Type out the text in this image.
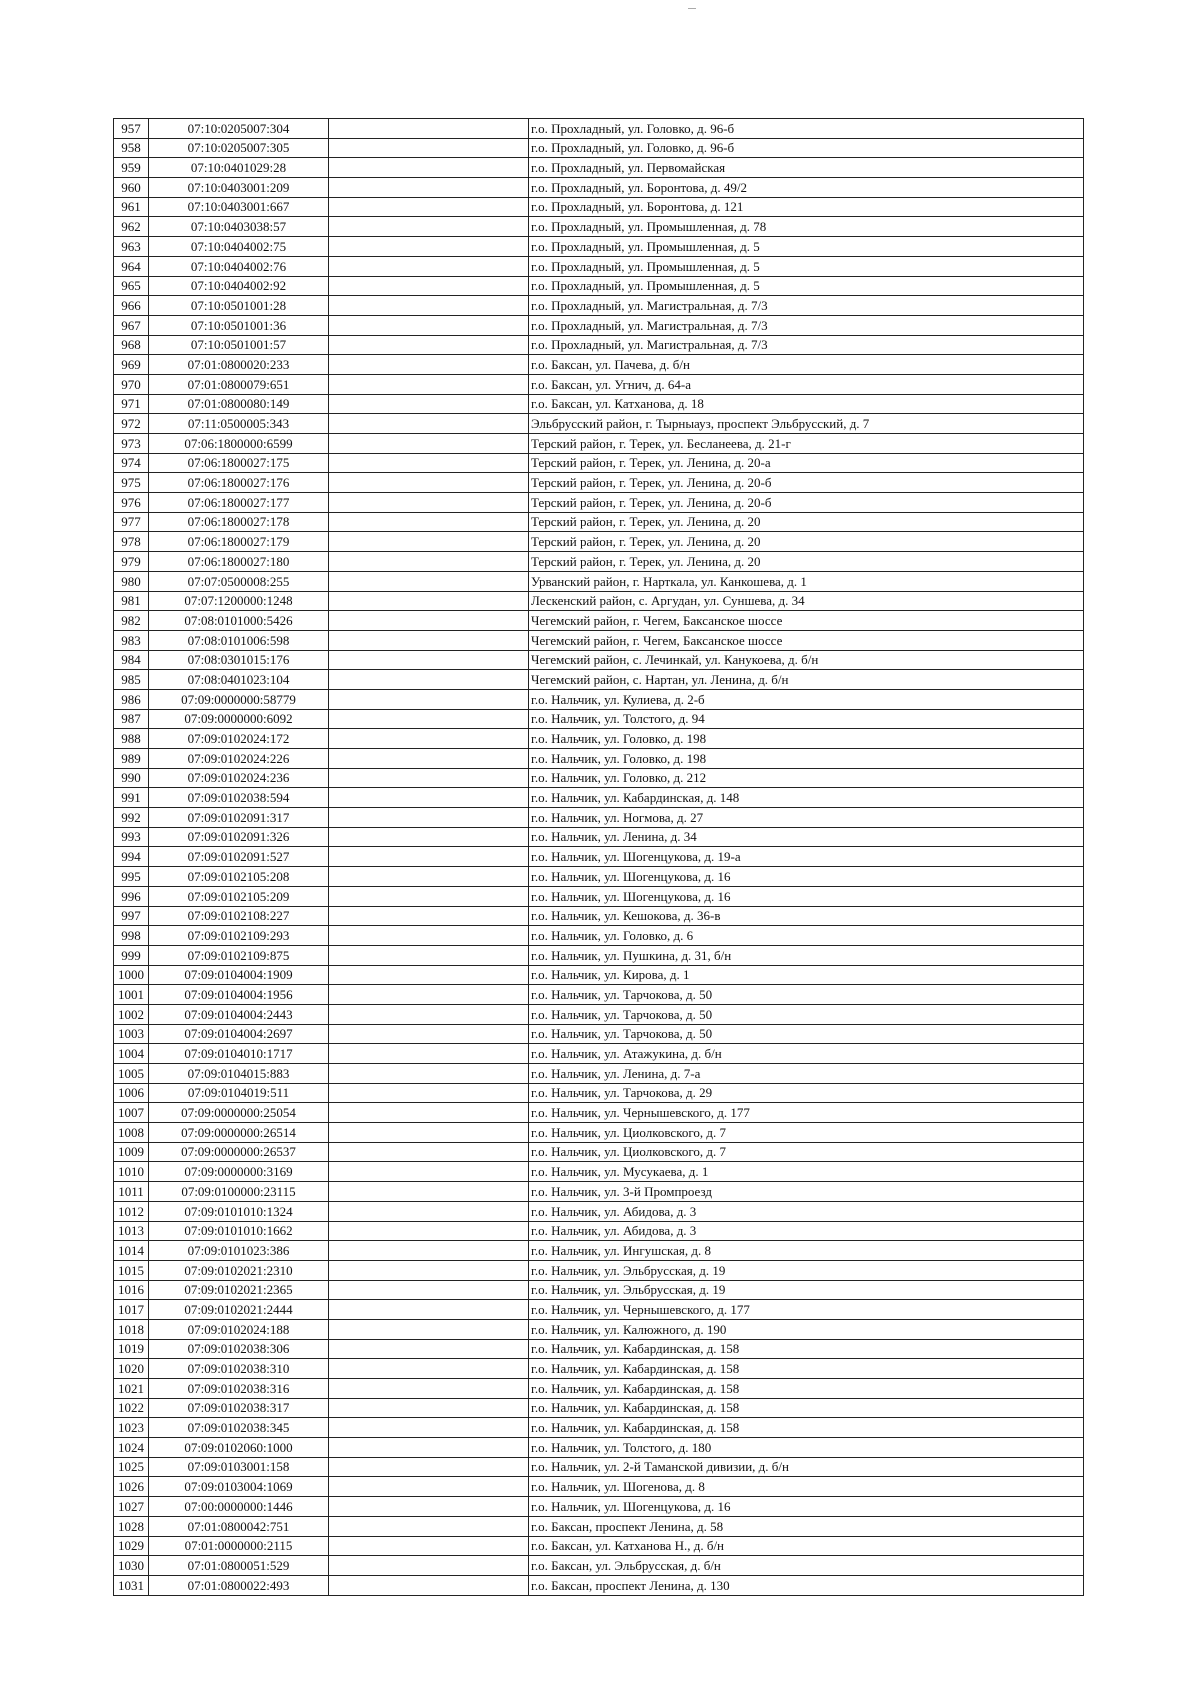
957	07:10:0205007:304		г.о. Прохладный, ул. Головко, д. 96-б
958	07:10:0205007:305		г.о. Прохладный, ул. Головко, д. 96-б
959	07:10:0401029:28		г.о. Прохладный, ул. Первомайская
960	07:10:0403001:209		г.о. Прохладный, ул. Боронтова, д. 49/2
961	07:10:0403001:667		г.о. Прохладный, ул. Боронтова, д. 121
962	07:10:0403038:57		г.о. Прохладный, ул. Промышленная, д. 78
963	07:10:0404002:75		г.о. Прохладный, ул. Промышленная, д. 5
964	07:10:0404002:76		г.о. Прохладный, ул. Промышленная, д. 5
965	07:10:0404002:92		г.о. Прохладный, ул. Промышленная, д. 5
966	07:10:0501001:28		г.о. Прохладный, ул. Магистральная, д. 7/3
967	07:10:0501001:36		г.о. Прохладный, ул. Магистральная, д. 7/3
968	07:10:0501001:57		г.о. Прохладный, ул. Магистральная, д. 7/3
969	07:01:0800020:233		г.о. Баксан, ул. Пачева, д. б/н
970	07:01:0800079:651		г.о. Баксан, ул. Угнич, д. 64-а
971	07:01:0800080:149		г.о. Баксан, ул. Катханова, д. 18
972	07:11:0500005:343		Эльбрусский район, г. Тырныауз, проспект Эльбрусский, д. 7
973	07:06:1800000:6599		Терский район, г. Терек, ул. Бесланеева, д. 21-г
974	07:06:1800027:175		Терский район, г. Терек, ул. Ленина, д. 20-а
975	07:06:1800027:176		Терский район, г. Терек, ул. Ленина, д. 20-б
976	07:06:1800027:177		Терский район, г. Терек, ул. Ленина, д. 20-б
977	07:06:1800027:178		Терский район, г. Терек, ул. Ленина, д. 20
978	07:06:1800027:179		Терский район, г. Терек, ул. Ленина, д. 20
979	07:06:1800027:180		Терский район, г. Терек, ул. Ленина, д. 20
980	07:07:0500008:255		Урванский район, г. Нарткала, ул. Канкошева, д. 1
981	07:07:1200000:1248		Лескенский район, с. Аргудан, ул. Суншева, д. 34
982	07:08:0101000:5426		Чегемский район, г. Чегем, Баксанское шоссе
983	07:08:0101006:598		Чегемский район, г. Чегем, Баксанское шоссе
984	07:08:0301015:176		Чегемский район, с. Лечинкай, ул. Канукоева, д. б/н
985	07:08:0401023:104		Чегемский район, с. Нартан, ул. Ленина, д. б/н
986	07:09:0000000:58779		г.о. Нальчик, ул. Кулиева, д. 2-б
987	07:09:0000000:6092		г.о. Нальчик, ул. Толстого, д. 94
988	07:09:0102024:172		г.о. Нальчик, ул. Головко, д. 198
989	07:09:0102024:226		г.о. Нальчик, ул. Головко, д. 198
990	07:09:0102024:236		г.о. Нальчик, ул. Головко, д. 212
991	07:09:0102038:594		г.о. Нальчик, ул. Кабардинская, д. 148
992	07:09:0102091:317		г.о. Нальчик, ул. Ногмова, д. 27
993	07:09:0102091:326		г.о. Нальчик, ул. Ленина, д. 34
994	07:09:0102091:527		г.о. Нальчик, ул. Шогенцукова, д. 19-а
995	07:09:0102105:208		г.о. Нальчик, ул. Шогенцукова, д. 16
996	07:09:0102105:209		г.о. Нальчик, ул. Шогенцукова, д. 16
997	07:09:0102108:227		г.о. Нальчик, ул. Кешокова, д. 36-в
998	07:09:0102109:293		г.о. Нальчик, ул. Головко, д. 6
999	07:09:0102109:875		г.о. Нальчик, ул. Пушкина, д. 31, б/н
1000	07:09:0104004:1909		г.о. Нальчик, ул. Кирова, д. 1
1001	07:09:0104004:1956		г.о. Нальчик, ул. Тарчокова, д. 50
1002	07:09:0104004:2443		г.о. Нальчик, ул. Тарчокова, д. 50
1003	07:09:0104004:2697		г.о. Нальчик, ул. Тарчокова, д. 50
1004	07:09:0104010:1717		г.о. Нальчик, ул. Атажукина, д. б/н
1005	07:09:0104015:883		г.о. Нальчик, ул. Ленина, д. 7-а
1006	07:09:0104019:511		г.о. Нальчик, ул. Тарчокова, д. 29
1007	07:09:0000000:25054		г.о. Нальчик, ул. Чернышевского, д. 177
1008	07:09:0000000:26514		г.о. Нальчик, ул. Циолковского, д. 7
1009	07:09:0000000:26537		г.о. Нальчик, ул. Циолковского, д. 7
1010	07:09:0000000:3169		г.о. Нальчик, ул. Мусукаева, д. 1
1011	07:09:0100000:23115		г.о. Нальчик, ул. 3-й Промпроезд
1012	07:09:0101010:1324		г.о. Нальчик, ул. Абидова, д. 3
1013	07:09:0101010:1662		г.о. Нальчик, ул. Абидова, д. 3
1014	07:09:0101023:386		г.о. Нальчик, ул. Ингушская, д. 8
1015	07:09:0102021:2310		г.о. Нальчик, ул. Эльбрусская, д. 19
1016	07:09:0102021:2365		г.о. Нальчик, ул. Эльбрусская, д. 19
1017	07:09:0102021:2444		г.о. Нальчик, ул. Чернышевского, д. 177
1018	07:09:0102024:188		г.о. Нальчик, ул. Калюжного, д. 190
1019	07:09:0102038:306		г.о. Нальчик, ул. Кабардинская, д. 158
1020	07:09:0102038:310		г.о. Нальчик, ул. Кабардинская, д. 158
1021	07:09:0102038:316		г.о. Нальчик, ул. Кабардинская, д. 158
1022	07:09:0102038:317		г.о. Нальчик, ул. Кабардинская, д. 158
1023	07:09:0102038:345		г.о. Нальчик, ул. Кабардинская, д. 158
1024	07:09:0102060:1000		г.о. Нальчик, ул. Толстого, д. 180
1025	07:09:0103001:158		г.о. Нальчик, ул. 2-й Таманской дивизии, д. б/н
1026	07:09:0103004:1069		г.о. Нальчик, ул. Шогенова, д. 8
1027	07:00:0000000:1446		г.о. Нальчик, ул. Шогенцукова, д. 16
1028	07:01:0800042:751		г.о. Баксан, проспект Ленина, д. 58
1029	07:01:0000000:2115		г.о. Баксан, ул. Катханова Н., д. б/н
1030	07:01:0800051:529		г.о. Баксан, ул. Эльбрусская, д. б/н
1031	07:01:0800022:493		г.о. Баксан, проспект Ленина, д. 130
